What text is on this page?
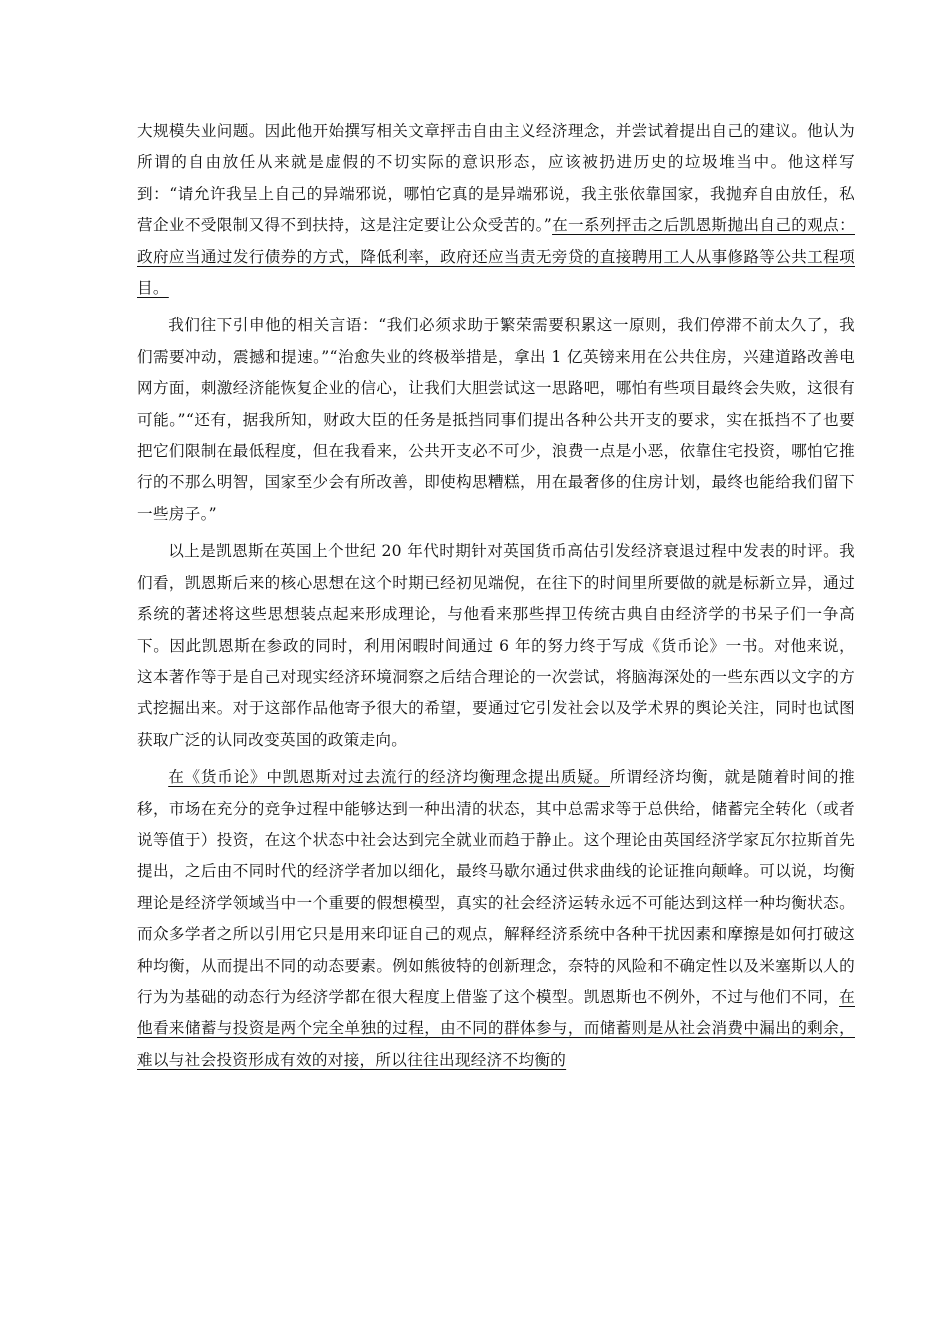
大规模失业问题。因此他开始撰写相关文章抨击自由主义经济理念，并尝试着提出自己的建议。他认为所谓的自由放任从来就是虚假的不切实际的意识形态，应该被扔进历史的垃圾堆当中。他这样写到：“请允许我呈上自己的异端邪说，哪怕它真的是异端邪说，我主张依靠国家，我抛弃自由放任，私营企业不受限制又得不到扶持，这是注定要让公众受苦的。”在一系列抨击之后凯恩斯抛出自己的观点：政府应当通过发行债券的方式，降低利率，政府还应当责无旁贷的直接聘用工人从事修路等公共工程项目。

我们往下引申他的相关言语：“我们必须求助于繁荣需要积累这一原则，我们停滞不前太久了，我们需要冲动，震撼和提速。”“治愈失业的终极举措是，拿出 1 亿英镑来用在公共住房，兴建道路改善电网方面，刺激经济能恢复企业的信心，让我们大胆尝试这一思路吧，哪怕有些项目最终会失败，这很有可能。”“还有，据我所知，财政大臣的任务是抵挡同事们提出各种公共开支的要求，实在抵挡不了也要把它们限制在最低程度，但在我看来，公共开支必不可少，浪费一点是小恶，依靠住宅投资，哪怕它推行的不那么明智，国家至少会有所改善，即使构思糟糕，用在最奢侈的住房计划，最终也能给我们留下一些房子。”

以上是凯恩斯在英国上个世纪 20 年代时期针对英国货币高估引发经济衰退过程中发表的时评。我们看，凯恩斯后来的核心思想在这个时期已经初见端倪，在往下的时间里所要做的就是标新立异，通过系统的著述将这些思想装点起来形成理论，与他看来那些捍卫传统古典自由经济学的书呆子们一争高下。因此凯恩斯在参政的同时，利用闲暇时间通过 6 年的努力终于写成《货币论》一书。对他来说，这本著作等于是自己对现实经济环境洞察之后结合理论的一次尝试，将脑海深处的一些东西以文字的方式挖掘出来。对于这部作品他寄予很大的希望，要通过它引发社会以及学术界的舆论关注，同时也试图获取广泛的认同改变英国的政策走向。

在《货币论》中凯恩斯对过去流行的经济均衡理念提出质疑。所谓经济均衡，就是随着时间的推移，市场在充分的竞争过程中能够达到一种出清的状态，其中总需求等于总供给，储蓄完全转化（或者说等值于）投资，在这个状态中社会达到完全就业而趋于静止。这个理论由英国经济学家瓦尔拉斯首先提出，之后由不同时代的经济学者加以细化，最终马歇尔通过供求曲线的论证推向颠峰。可以说，均衡理论是经济学领域当中一个重要的假想模型，真实的社会经济运转永远不可能达到这样一种均衡状态。而众多学者之所以引用它只是用来印证自己的观点，解释经济系统中各种干扰因素和摩擦是如何打破这种均衡，从而提出不同的动态要素。例如熊彼特的创新理念，奈特的风险和不确定性以及米塞斯以人的行为为基础的动态行为经济学都在很大程度上借鉴了这个模型。凯恩斯也不例外，不过与他们不同，在他看来储蓄与投资是两个完全单独的过程，由不同的群体参与，而储蓄则是从社会消费中漏出的剩余，难以与社会投资形成有效的对接，所以往往出现经济不均衡的
